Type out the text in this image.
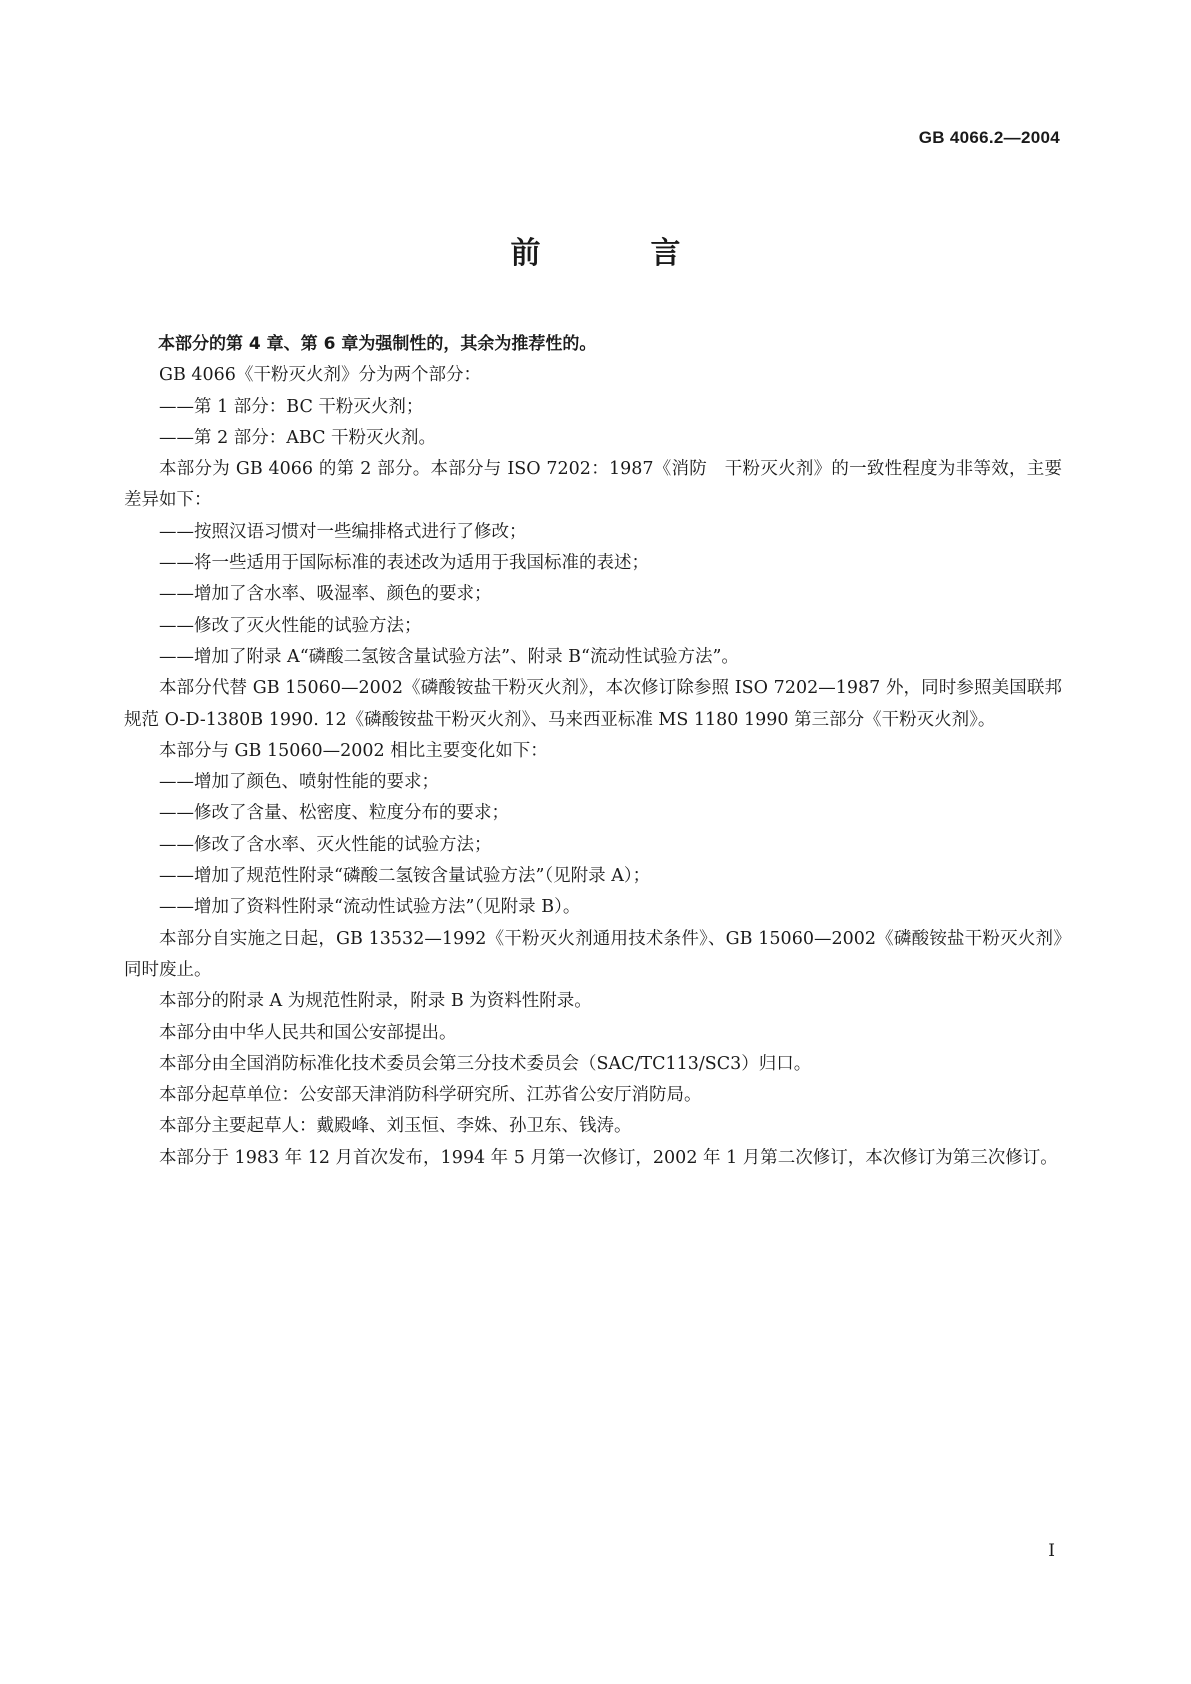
GB 4066.2—2004
前　言

本部分的第 4 章、第 6 章为强制性的，其余为推荐性的。

GB 4066《干粉灭火剂》分为两个部分：

——第 1 部分：BC 干粉灭火剂；

——第 2 部分：ABC 干粉灭火剂。

本部分为 GB 4066 的第 2 部分。本部分与 ISO 7202：1987《消防　干粉灭火剂》的一致性程度为非等效，主要差异如下：

——按照汉语习惯对一些编排格式进行了修改；

——将一些适用于国际标准的表述改为适用于我国标准的表述；

——增加了含水率、吸湿率、颜色的要求；

——修改了灭火性能的试验方法；

——增加了附录 A“磷酸二氢铵含量试验方法”、附录 B“流动性试验方法”。

本部分代替 GB 15060—2002《磷酸铵盐干粉灭火剂》，本次修订除参照 ISO 7202—1987 外，同时参照美国联邦规范 O-D-1380B 1990. 12《磷酸铵盐干粉灭火剂》、马来西亚标准 MS 1180 1990 第三部分《干粉灭火剂》。

本部分与 GB 15060—2002 相比主要变化如下：

——增加了颜色、喷射性能的要求；

——修改了含量、松密度、粒度分布的要求；

——修改了含水率、灭火性能的试验方法；

——增加了规范性附录“磷酸二氢铵含量试验方法”（见附录 A）；

——增加了资料性附录“流动性试验方法”（见附录 B）。

本部分自实施之日起，GB 13532—1992《干粉灭火剂通用技术条件》、GB 15060—2002《磷酸铵盐干粉灭火剂》同时废止。

本部分的附录 A 为规范性附录，附录 B 为资料性附录。

本部分由中华人民共和国公安部提出。

本部分由全国消防标准化技术委员会第三分技术委员会（SAC/TC113/SC3）归口。

本部分起草单位：公安部天津消防科学研究所、江苏省公安厅消防局。

本部分主要起草人：戴殿峰、刘玉恒、李姝、孙卫东、钱涛。

本部分于 1983 年 12 月首次发布，1994 年 5 月第一次修订，2002 年 1 月第二次修订，本次修订为第三次修订。

I
